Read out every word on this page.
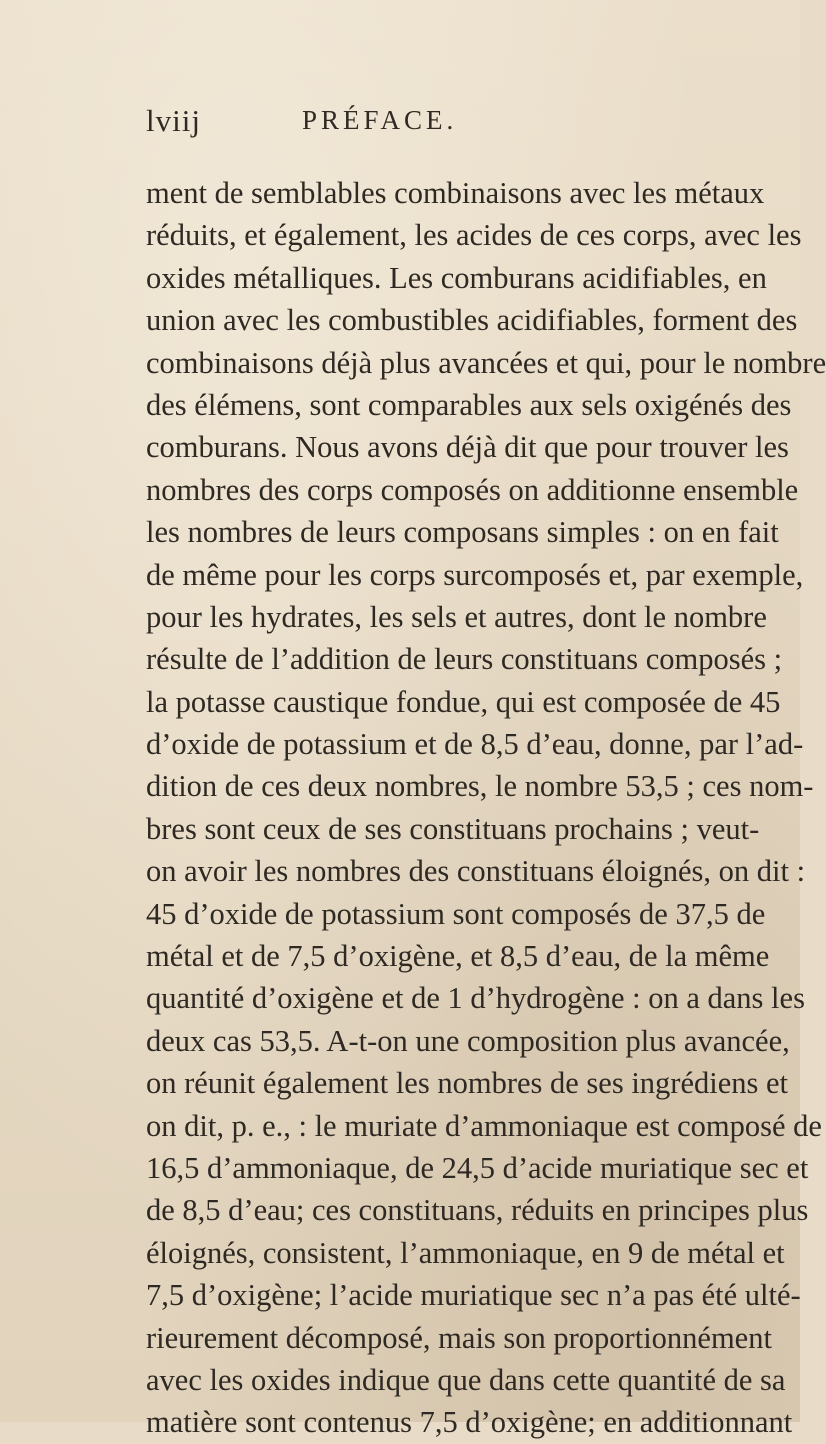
lviij	PRÉFACE.
ment de semblables combinaisons avec les métaux
réduits, et également, les acides de ces corps, avec les
oxides métalliques. Les comburans acidifiables, en
union avec les combustibles acidifiables, forment des
combinaisons déjà plus avancées et qui, pour le nombre
des élémens, sont comparables aux sels oxigénés des
comburans. Nous avons déjà dit que pour trouver les
nombres des corps composés on additionne ensemble
les nombres de leurs composans simples : on en fait
de même pour les corps surcomposés et, par exemple,
pour les hydrates, les sels et autres, dont le nombre
résulte de l’addition de leurs constituans composés ;
la potasse caustique fondue, qui est composée de 45
d’oxide de potassium et de 8,5 d’eau, donne, par l’ad-
dition de ces deux nombres, le nombre 53,5 ; ces nom-
bres sont ceux de ses constituans prochains ; veut-
on avoir les nombres des constituans éloignés, on dit :
45 d’oxide de potassium sont composés de 37,5 de
métal et de 7,5 d’oxigène, et 8,5 d’eau, de la même
quantité d’oxigène et de 1 d’hydrogène : on a dans les
deux cas 53,5. A-t-on une composition plus avancée,
on réunit également les nombres de ses ingrédiens et
on dit, p. e., : le muriate d’ammoniaque est composé de
16,5 d’ammoniaque, de 24,5 d’acide muriatique sec et
de 8,5 d’eau; ces constituans, réduits en principes plus
éloignés, consistent, l’ammoniaque, en 9 de métal et
7,5 d’oxigène; l’acide muriatique sec n’a pas été ulté-
rieurement décomposé, mais son proportionnément
avec les oxides indique que dans cette quantité de sa
matière sont contenus 7,5 d’oxigène; en additionnant
